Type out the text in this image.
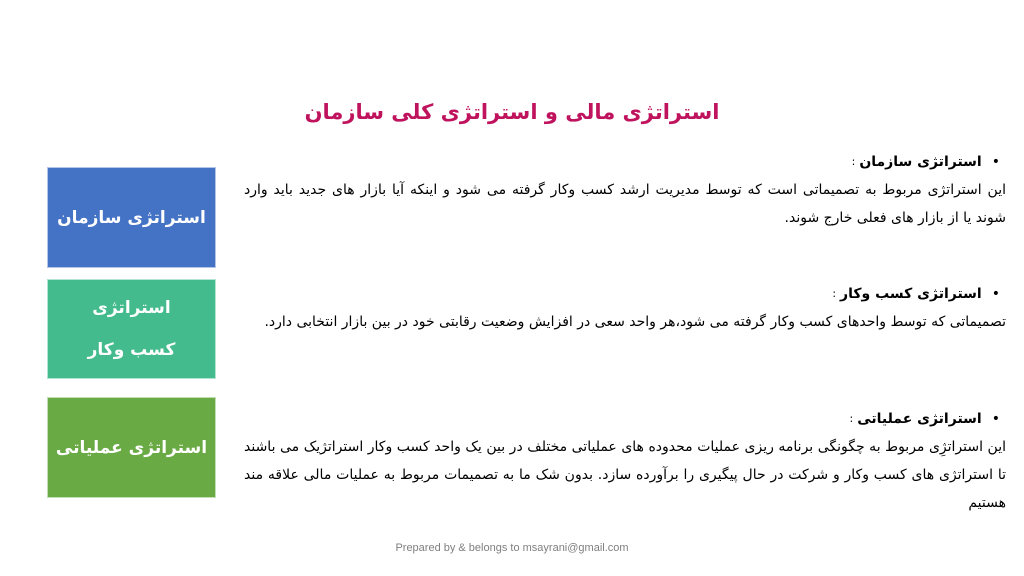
استراتژی مالی و استراتژی کلی سازمان
استراتژی سازمان
استراتژی
کسب وکار
استراتژی عملیاتی
•
استراتژی سازمان
:

این استراتژی مربوط به تصمیماتی است که توسط مدیریت ارشد کسب وکار گرفته می شود و اینکه آیا بازار های جدید باید وارد شوند یا از بازار های فعلی خارج شوند.

•
استراتژی کسب وکار
:

تصمیماتی که توسط واحدهای کسب وکار گرفته می شود،هر واحد سعی در افزایش وضعیت رقابتی خود در بین بازار انتخابی دارد.

•
استراتژی عملیاتی
:

این استراتژِی مربوط به چگونگی برنامه ریزی عملیات محدوده های عملیاتی مختلف در بین یک واحد کسب وکار استراتژیک می باشند تا استراتژی های کسب وکار و شرکت در حال پیگیری را برآورده سازد. بدون شک ما به تصمیمات مربوط به عملیات مالی علاقه مند هستیم

Prepared by & belongs to msayrani@gmail.com
